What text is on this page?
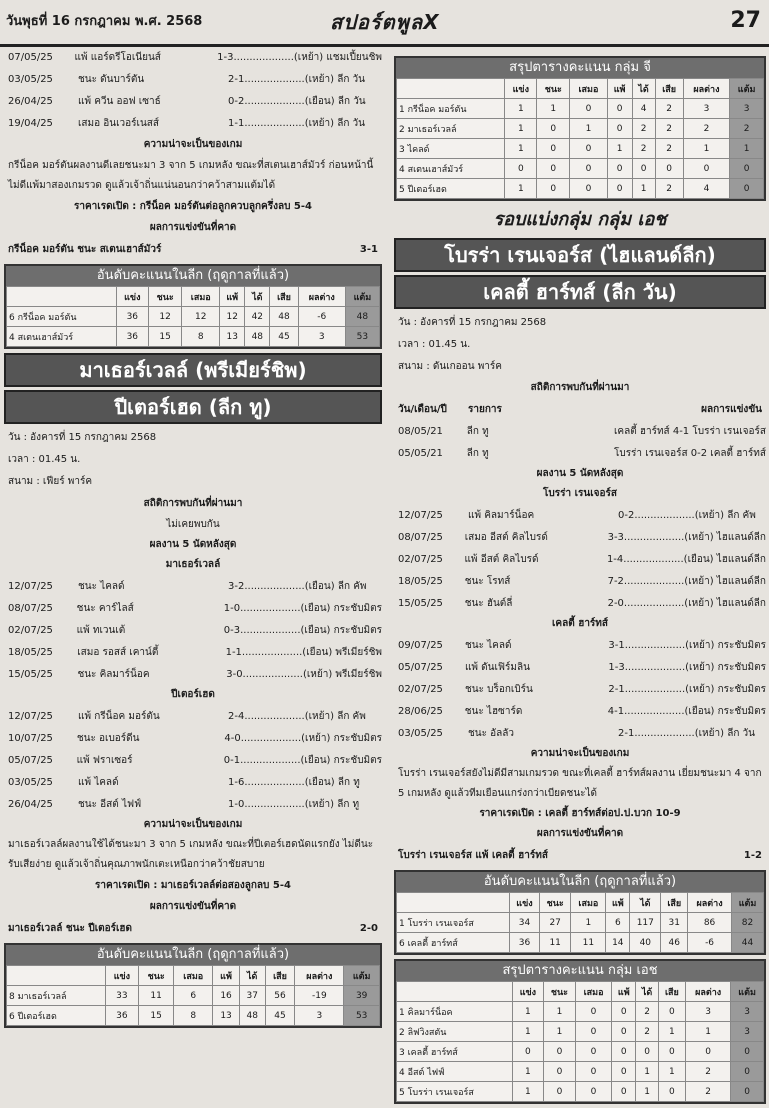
วันพุธที่ 16 กรกฎาคม พ.ศ. 2568	สปอร์ตพูลX	27
07/05/25	แพ้ แอร์ดรีโอเนียนส์	1-3...................(เหย้า) แชมเปี้ยนชิพ
03/05/25	ชนะ ดันบาร์ตัน	2-1...................(เหย้า) ลีก วัน
26/04/25	แพ้ ควีน ออฟ เซาธ์	0-2...................(เยือน) ลีก วัน
19/04/25	เสมอ อินเวอร์เนสส์	1-1...................(เหย้า) ลีก วัน
ความน่าจะเป็นของเกม
กรีน็อค มอร์ตันผลงานดีเลยชนะมา 3 จาก 5 เกมหลัง ขณะที่สเตนเฮาส์มัวร์ ก่อนหน้านี้ไม่ดีแพ้มาสองเกมรวด ดูแล้วเจ้าถิ่นแน่นอนกว่าคว้าสามแต้มได้
ราคาเรดเปิด : กรีน็อค มอร์ตันต่อลูกควบลูกครึ่งลบ 5-4
ผลการแข่งขันที่คาด
กรีน็อค มอร์ตัน ชนะ สเตนเฮาส์มัวร์	3-1
อันดับคะแนนในลีก (ฤดูกาลที่แล้ว)
	แข่ง	ชนะ	เสมอ	แพ้	ได้	เสีย	ผลต่าง	แต้ม
6 กรีน็อค มอร์ตัน	36	12	12	12	42	48	-6	48
4 สเตนเฮาส์มัวร์	36	15	8	13	48	45	3	53
มาเธอร์เวลล์ (พรีเมียร์ชิพ)
ปีเตอร์เฮด (ลีก ทู)
วัน : อังคารที่ 15 กรกฎาคม 2568
เวลา : 01.45 น.
สนาม : เฟียร์ พาร์ค
สถิติการพบกันที่ผ่านมา
ไม่เคยพบกัน
ผลงาน 5 นัดหลังสุด
มาเธอร์เวลล์
12/07/25	ชนะ ไคลด์	3-2...................(เยือน) ลีก คัพ
08/07/25	ชนะ คาร์ไลส์	1-0...................(เยือน) กระชับมิตร
02/07/25	แพ้ ทเวนเต้	0-3...................(เยือน) กระชับมิตร
18/05/25	เสมอ รอสส์ เคาน์ตี้	1-1...................(เยือน) พรีเมียร์ชิพ
15/05/25	ชนะ คิลมาร์น็อค	3-0...................(เหย้า) พรีเมียร์ชิพ
ปีเตอร์เฮด
12/07/25	แพ้ กรีน็อค มอร์ตัน	2-4...................(เหย้า) ลีก คัพ
10/07/25	ชนะ อเบอร์ดีน	4-0...................(เหย้า) กระชับมิตร
05/07/25	แพ้ ฟราเซอร์	0-1...................(เยือน) กระชับมิตร
03/05/25	แพ้ ไคลด์	1-6...................(เยือน) ลีก ทู
26/04/25	ชนะ อีสต์ ไฟฟ์	1-0...................(เหย้า) ลีก ทู
ความน่าจะเป็นของเกม
มาเธอร์เวลล์ผลงานใช้ได้ชนะมา 3 จาก 5 เกมหลัง ขณะที่ปีเตอร์เฮดนัดแรกยัง ไม่ดีนะรับเสียง่าย ดูแล้วเจ้าถิ่นคุณภาพนักเตะเหนือกว่าคว้าชัยสบาย
ราคาเรดเปิด : มาเธอร์เวลล์ต่อสองลูกลบ 5-4
ผลการแข่งขันที่คาด
มาเธอร์เวลล์ ชนะ ปีเตอร์เฮด	2-0
อันดับคะแนนในลีก (ฤดูกาลที่แล้ว)
	แข่ง	ชนะ	เสมอ	แพ้	ได้	เสีย	ผลต่าง	แต้ม
8 มาเธอร์เวลล์	33	11	6	16	37	56	-19	39
6 ปีเตอร์เฮด	36	15	8	13	48	45	3	53
สรุปตารางคะแนน กลุ่ม จี
	แข่ง	ชนะ	เสมอ	แพ้	ได้	เสีย	ผลต่าง	แต้ม
1 กรีน็อค มอร์ตัน	1	1	0	0	4	2	3	3
2 มาเธอร์เวลล์	1	0	1	0	2	2	2	2
3 ไคลด์	1	0	0	1	2	2	1	1
4 สเตนเฮาส์มัวร์	0	0	0	0	0	0	0	0
5 ปีเตอร์เฮด	1	0	0	0	1	2	4	0
รอบแบ่งกลุ่ม กลุ่ม เอช
โบรร่า เรนเจอร์ส (ไฮแลนด์ลีก)
เคลตี้ ฮาร์ทส์ (ลีก วัน)
วัน : อังคารที่ 15 กรกฎาคม 2568
เวลา : 01.45 น.
สนาม : ดันเกออน พาร์ค
สถิติการพบกันที่ผ่านมา
วัน/เดือน/ปี	รายการ	ผลการแข่งขัน
08/05/21	ลีก ทู	เคลตี้ ฮาร์ทส์ 4-1 โบรร่า เรนเจอร์ส
05/05/21	ลีก ทู	โบรร่า เรนเจอร์ส 0-2 เคลตี้ ฮาร์ทส์
ผลงาน 5 นัดหลังสุด
โบรร่า เรนเจอร์ส
12/07/25	แพ้ คิลมาร์น็อค	0-2...................(เหย้า) ลีก คัพ
08/07/25	เสมอ อีสต์ คิลไบรด์	3-3...................(เหย้า) ไฮแลนด์ลีก
02/07/25	แพ้ อีสต์ คิลไบรด์	1-4...................(เยือน) ไฮแลนด์ลีก
18/05/25	ชนะ โรทส์	7-2...................(เหย้า) ไฮแลนด์ลีก
15/05/25	ชนะ ฮันต์ลี่	2-0...................(เหย้า) ไฮแลนด์ลีก
เคลตี้ ฮาร์ทส์
09/07/25	ชนะ ไคลด์	3-1...................(เหย้า) กระชับมิตร
05/07/25	แพ้ ดันเฟิร์มลิน	1-3...................(เหย้า) กระชับมิตร
02/07/25	ชนะ บร็อกเบิร์น	2-1...................(เหย้า) กระชับมิตร
28/06/25	ชนะ ไฮซาร์ด	4-1...................(เยือน) กระชับมิตร
03/05/25	ชนะ อัลลัว	2-1...................(เหย้า) ลีก วัน
ความน่าจะเป็นของเกม
โบรร่า เรนเจอร์สยังไม่ดีมีสามเกมรวด ขณะที่เคลตี้ ฮาร์ทส์ผลงาน เยี่ยมชนะมา 4 จาก 5 เกมหลัง ดูแล้วทีมเยือนแกร่งกว่าเบียดชนะได้
ราคาเรดเปิด : เคลตี้ ฮาร์ทส์ต่อป.ป.บวก 10-9
ผลการแข่งขันที่คาด
โบรร่า เรนเจอร์ส แพ้ เคลตี้ ฮาร์ทส์	1-2
อันดับคะแนนในลีก (ฤดูกาลที่แล้ว)
	แข่ง	ชนะ	เสมอ	แพ้	ได้	เสีย	ผลต่าง	แต้ม
1 โบรร่า เรนเจอร์ส	34	27	1	6	117	31	86	82
6 เคลตี้ ฮาร์ทส์	36	11	11	14	40	46	-6	44
สรุปตารางคะแนน กลุ่ม เอช
	แข่ง	ชนะ	เสมอ	แพ้	ได้	เสีย	ผลต่าง	แต้ม
1 คิลมาร์น็อค	1	1	0	0	2	0	3	3
2 ลิฟวิงสตัน	1	1	0	0	2	1	1	3
3 เคลตี้ ฮาร์ทส์	0	0	0	0	0	0	0	0
4 อีสต์ ไฟฟ์	1	0	0	0	1	1	2	0
5 โบรร่า เรนเจอร์ส	1	0	0	0	1	0	2	0
